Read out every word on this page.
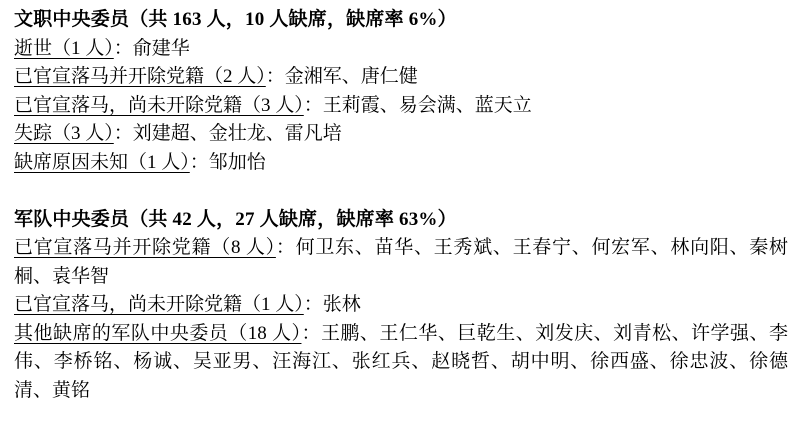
文职中央委员（共 163 人，10 人缺席，缺席率 6%）

逝世（1 人）：俞建华

已官宣落马并开除党籍（2 人）：金湘军、唐仁健

已官宣落马，尚未开除党籍（3 人）：王莉霞、易会满、蓝天立

失踪（3 人）：刘建超、金壮龙、雷凡培

缺席原因未知（1 人）：邹加怡

军队中央委员（共 42 人，27 人缺席，缺席率 63%）

已官宣落马并开除党籍（8 人）：何卫东、苗华、王秀斌、王春宁、何宏军、林向阳、秦树桐、袁华智

已官宣落马，尚未开除党籍（1 人）：张林

其他缺席的军队中央委员（18 人）：王鹏、王仁华、巨乾生、刘发庆、刘青松、许学强、李伟、李桥铭、杨诚、吴亚男、汪海江、张红兵、赵晓哲、胡中明、徐西盛、徐忠波、徐德清、黄铭
